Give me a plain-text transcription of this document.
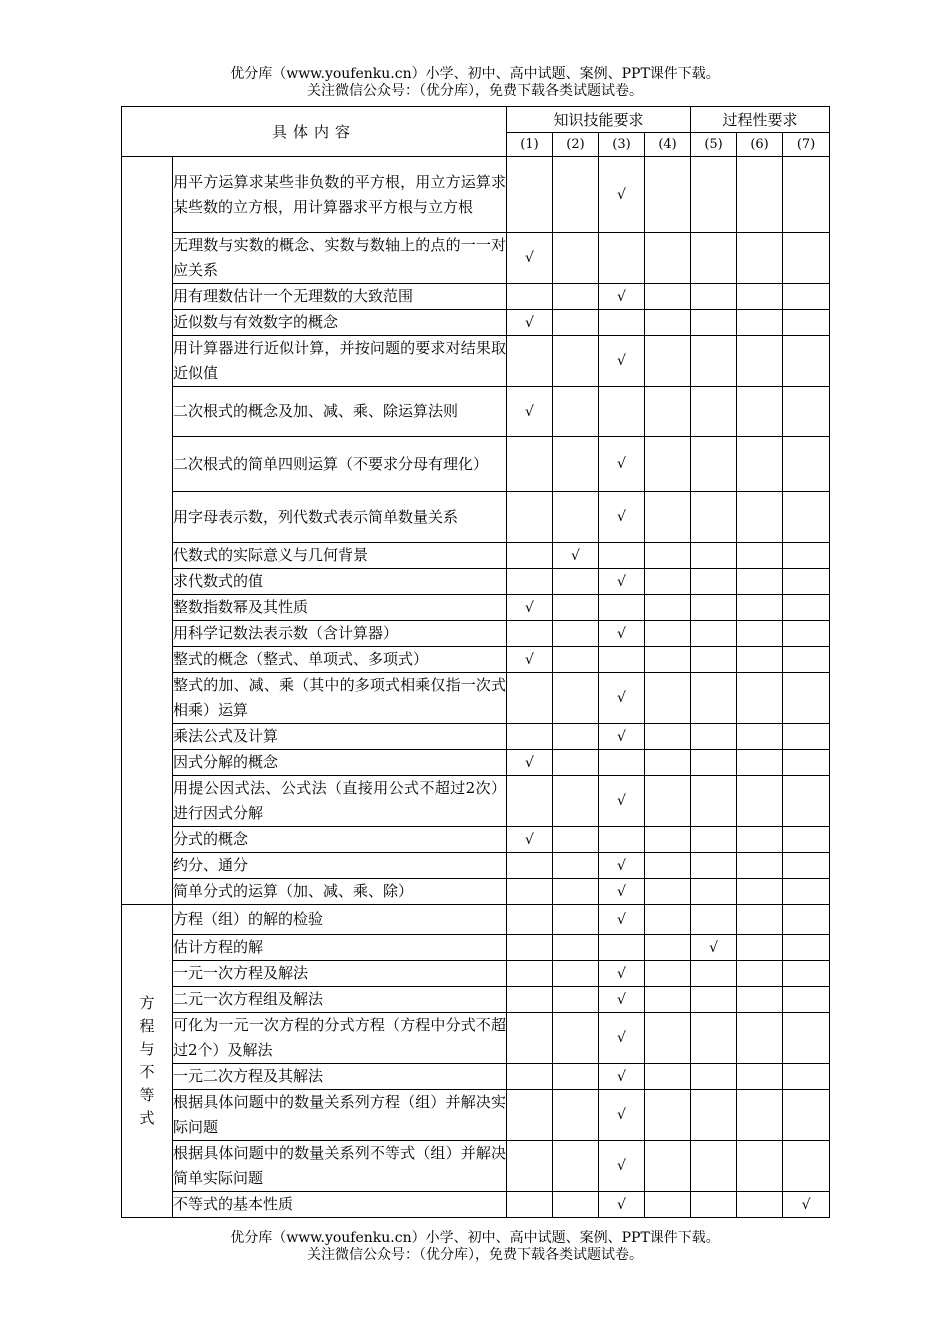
优分库（www.youfenku.cn）小学、初中、高中试题、案例、PPT课件下载。
关注微信公众号：（优分库），免费下载各类试题试卷。
具体内容		知识技能要求				过程性要求		
		(1)	(2)	(3)	(4)	(5)	(6)	(7)
	用平方运算求某些非负数的平方根，用立方运算求某些数的立方根，用计算器求平方根与立方根			√				
	无理数与实数的概念、实数与数轴上的点的一一对应关系	√						
	用有理数估计一个无理数的大致范围			√				
	近似数与有效数字的概念	√						
	用计算器进行近似计算，并按问题的要求对结果取近似值			√				
	二次根式的概念及加、减、乘、除运算法则	√						
	二次根式的简单四则运算（不要求分母有理化）			√				
	用字母表示数，列代数式表示简单数量关系			√				
	代数式的实际意义与几何背景		√					
	求代数式的值			√				
	整数指数幂及其性质	√						
	用科学记数法表示数（含计算器）			√				
	整式的概念（整式、单项式、多项式）	√						
	整式的加、减、乘（其中的多项式相乘仅指一次式相乘）运算			√				
	乘法公式及计算			√				
	因式分解的概念	√						
	用提公因式法、公式法（直接用公式不超过2次）进行因式分解			√				
	分式的概念	√						
	约分、通分			√				
	简单分式的运算（加、减、乘、除）			√				

方程与不等式	方程（组）的解的检验			√				
	估计方程的解					√		
	一元一次方程及解法			√				
	二元一次方程组及解法			√				
	可化为一元一次方程的分式方程（方程中分式不超过2个）及解法			√				
	一元二次方程及其解法			√				
	根据具体问题中的数量关系列方程（组）并解决实际问题			√				
	根据具体问题中的数量关系列不等式（组）并解决简单实际问题			√				
	不等式的基本性质			√				√
优分库（www.youfenku.cn）小学、初中、高中试题、案例、PPT课件下载。
关注微信公众号：（优分库），免费下载各类试题试卷。
